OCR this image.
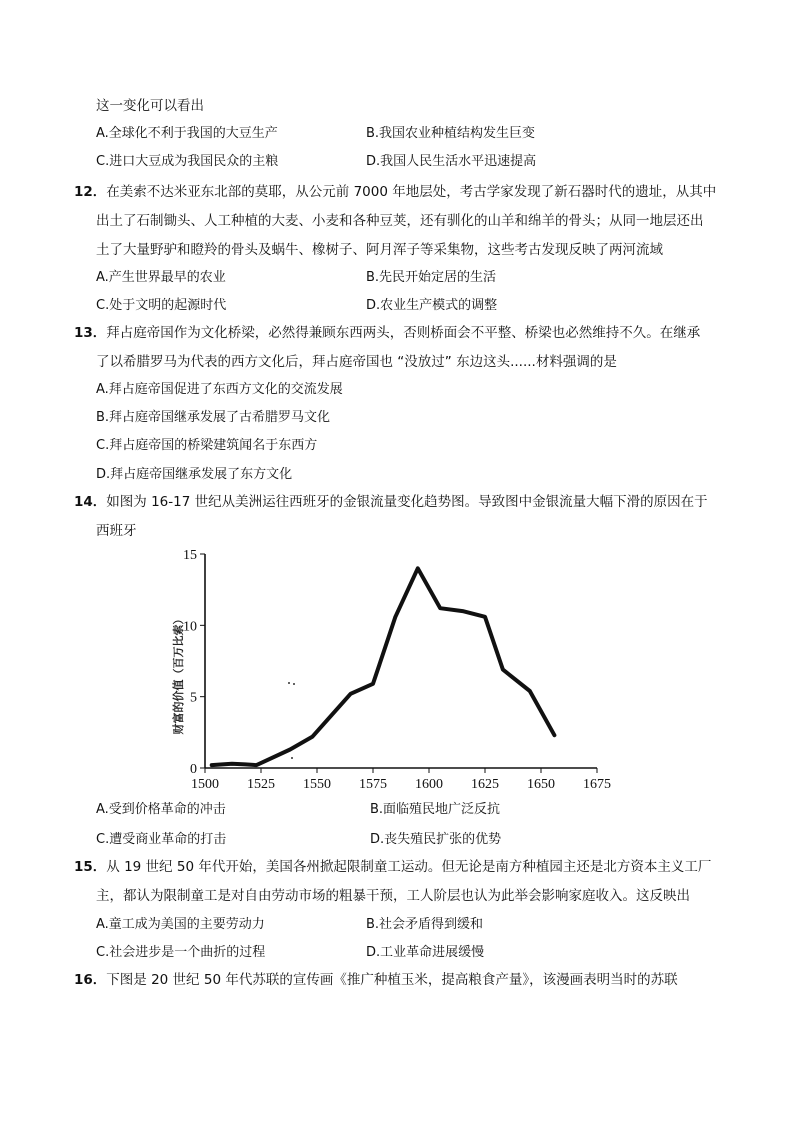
这一变化可以看出
A.全球化不利于我国的大豆生产	B.我国农业种植结构发生巨变
C.进口大豆成为我国民众的主粮	D.我国人民生活水平迅速提高
12．在美索不达米亚东北部的莫耶，从公元前 7000 年地层处，考古学家发现了新石器时代的遗址，从其中
出土了石制锄头、人工种植的大麦、小麦和各种豆荚，还有驯化的山羊和绵羊的骨头；从同一地层还出
土了大量野驴和瞪羚的骨头及蜗牛、橡树子、阿月浑子等采集物，这些考古发现反映了两河流域
A.产生世界最早的农业	B.先民开始定居的生活
C.处于文明的起源时代	D.农业生产模式的调整
13．拜占庭帝国作为文化桥梁，必然得兼顾东西两头，否则桥面会不平整、桥梁也必然维持不久。在继承
了以希腊罗马为代表的西方文化后，拜占庭帝国也 “没放过” 东边这头......材料强调的是
A.拜占庭帝国促进了东西方文化的交流发展
B.拜占庭帝国继承发展了古希腊罗马文化
C.拜占庭帝国的桥梁建筑闻名于东西方
D.拜占庭帝国继承发展了东方文化
14．如图为 16-17 世纪从美洲运往西班牙的金银流量变化趋势图。导致图中金银流量大幅下滑的原因在于
西班牙
1500 1525 1550 1575 1600 1625 1650 1675
0
5
10
15
财富的价值（百万比索）
A.受到价格革命的冲击	B.面临殖民地广泛反抗
C.遭受商业革命的打击	D.丧失殖民扩张的优势
15．从 19 世纪 50 年代开始，美国各州掀起限制童工运动。但无论是南方种植园主还是北方资本主义工厂
主，都认为限制童工是对自由劳动市场的粗暴干预，工人阶层也认为此举会影响家庭收入。这反映出
A.童工成为美国的主要劳动力	B.社会矛盾得到缓和
C.社会进步是一个曲折的过程	D.工业革命进展缓慢
16．下图是 20 世纪 50 年代苏联的宣传画《推广种植玉米，提高粮食产量》，该漫画表明当时的苏联
